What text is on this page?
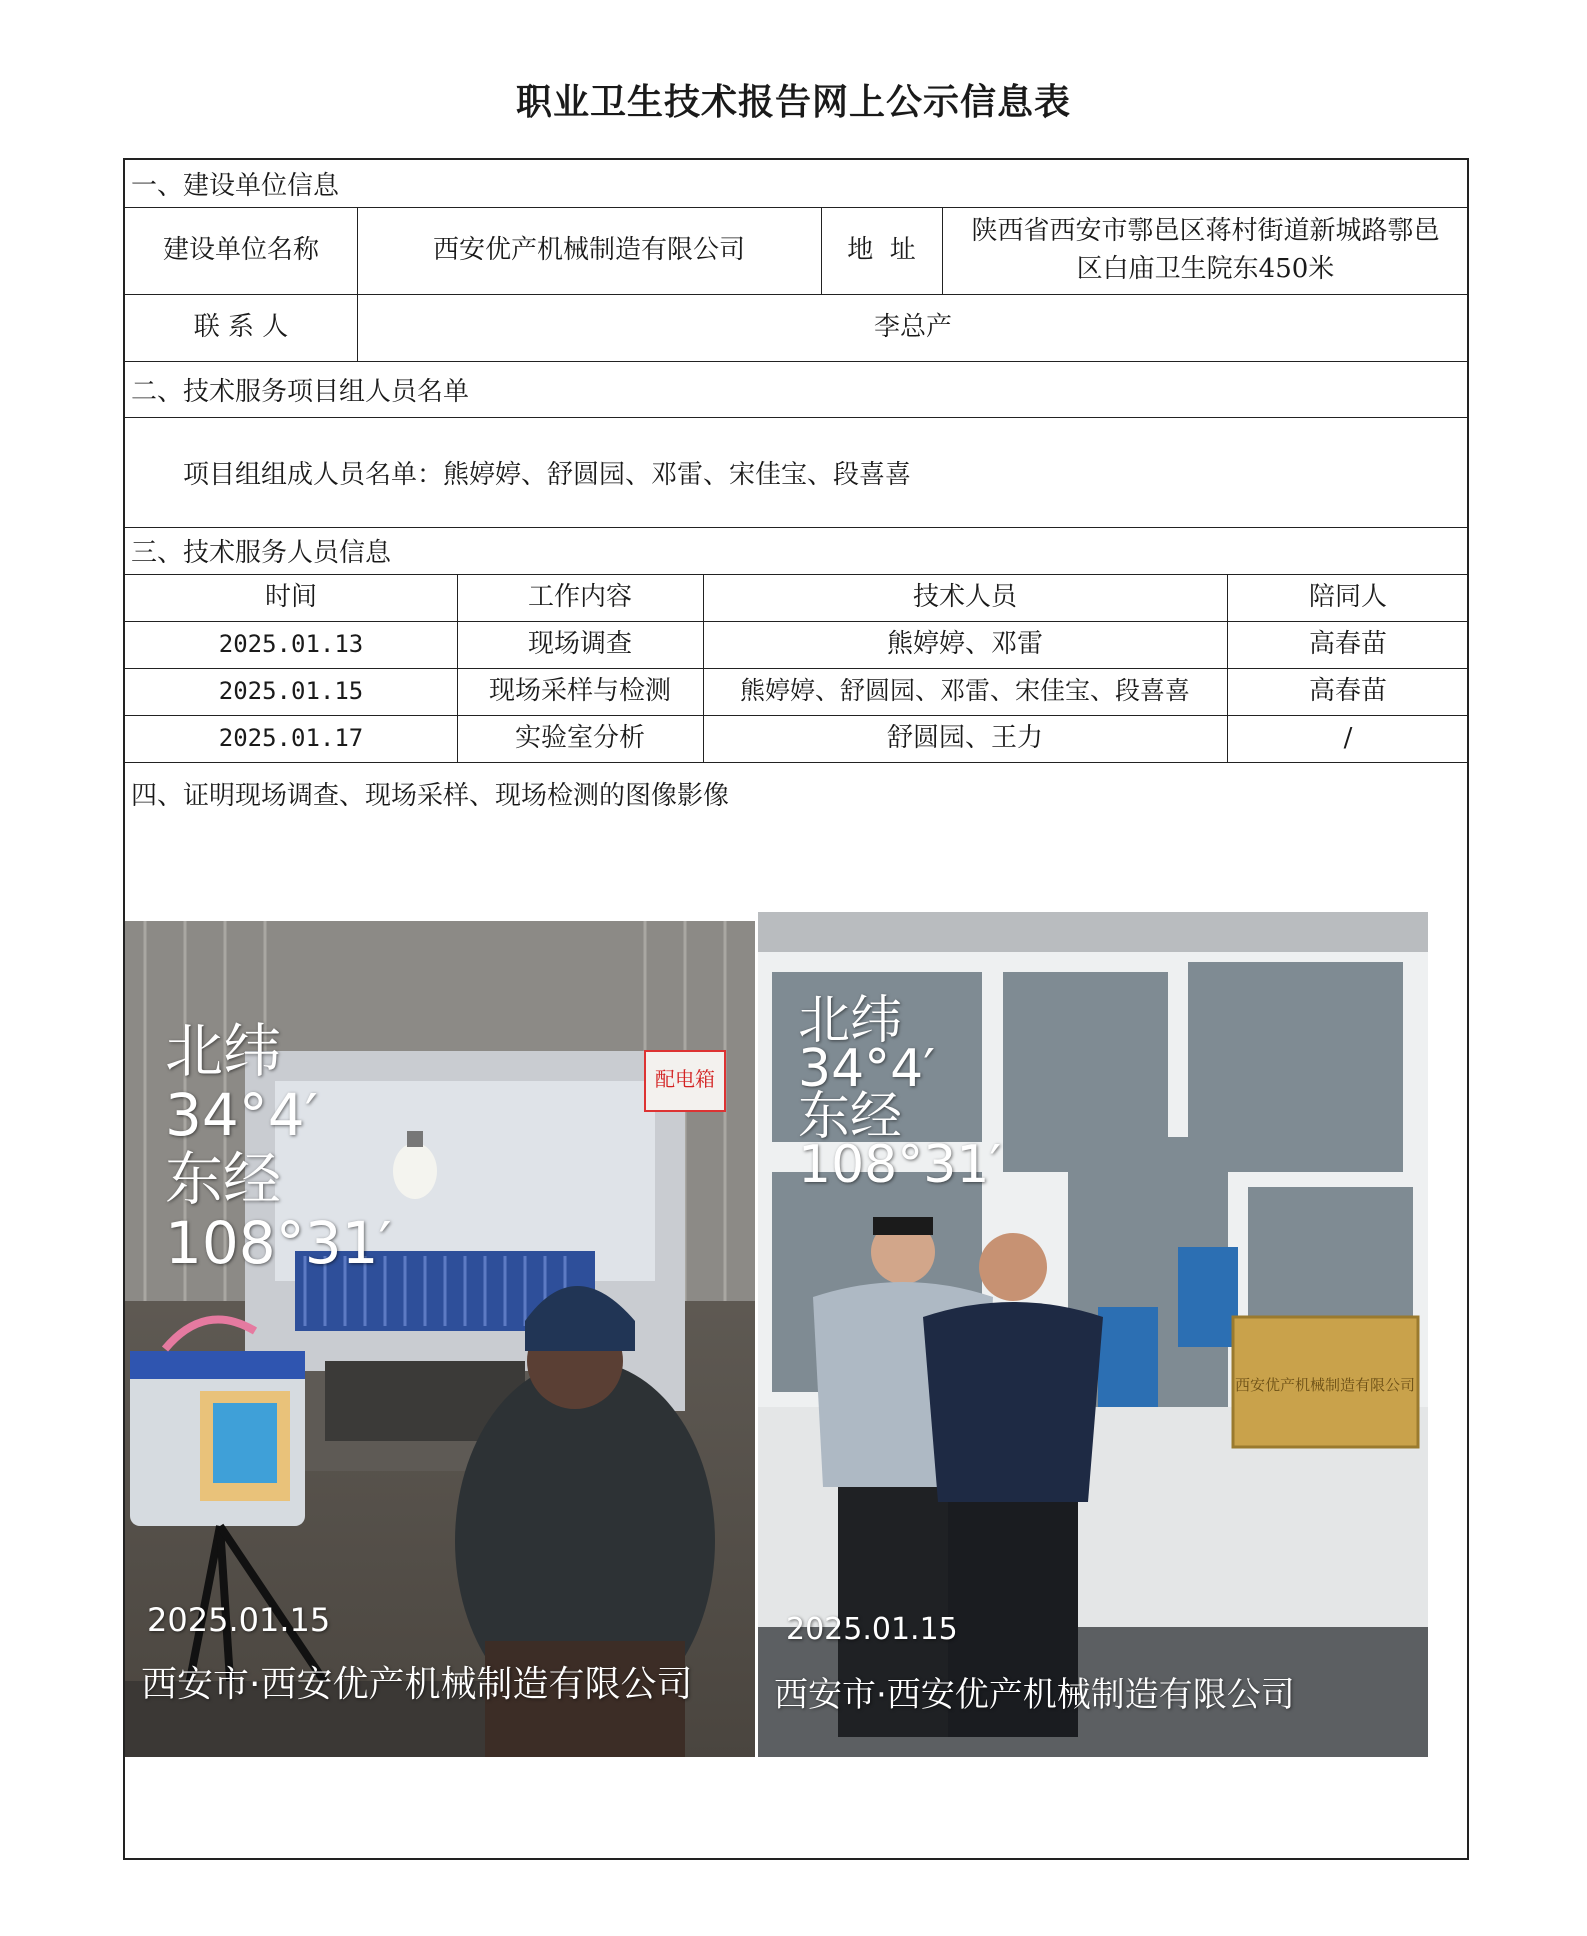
职业卫生技术报告网上公示信息表
一、建设单位信息
建设单位名称	西安优产机械制造有限公司	地  址
陕西省西安市鄠邑区蒋村街道新城路鄠邑
区白庙卫生院东450米
联 系 人	李总产
二、技术服务项目组人员名单
项目组组成人员名单：熊婷婷、舒圆园、邓雷、宋佳宝、段喜喜
三、技术服务人员信息
时间	工作内容	技术人员	陪同人
2025.01.13	现场调查	熊婷婷、邓雷	高春苗
2025.01.15	现场采样与检测	熊婷婷、舒圆园、邓雷、宋佳宝、段喜喜	高春苗
2025.01.17	实验室分析	舒圆园、王力	/
四、证明现场调查、现场采样、现场检测的图像影像
配电箱
北纬
34°4′
东经
108°31′
2025.01.15
西安市·西安优产机械制造有限公司
西安优产机械制造有限公司
北纬
34°4′
东经
108°31′
2025.01.15
西安市·西安优产机械制造有限公司
